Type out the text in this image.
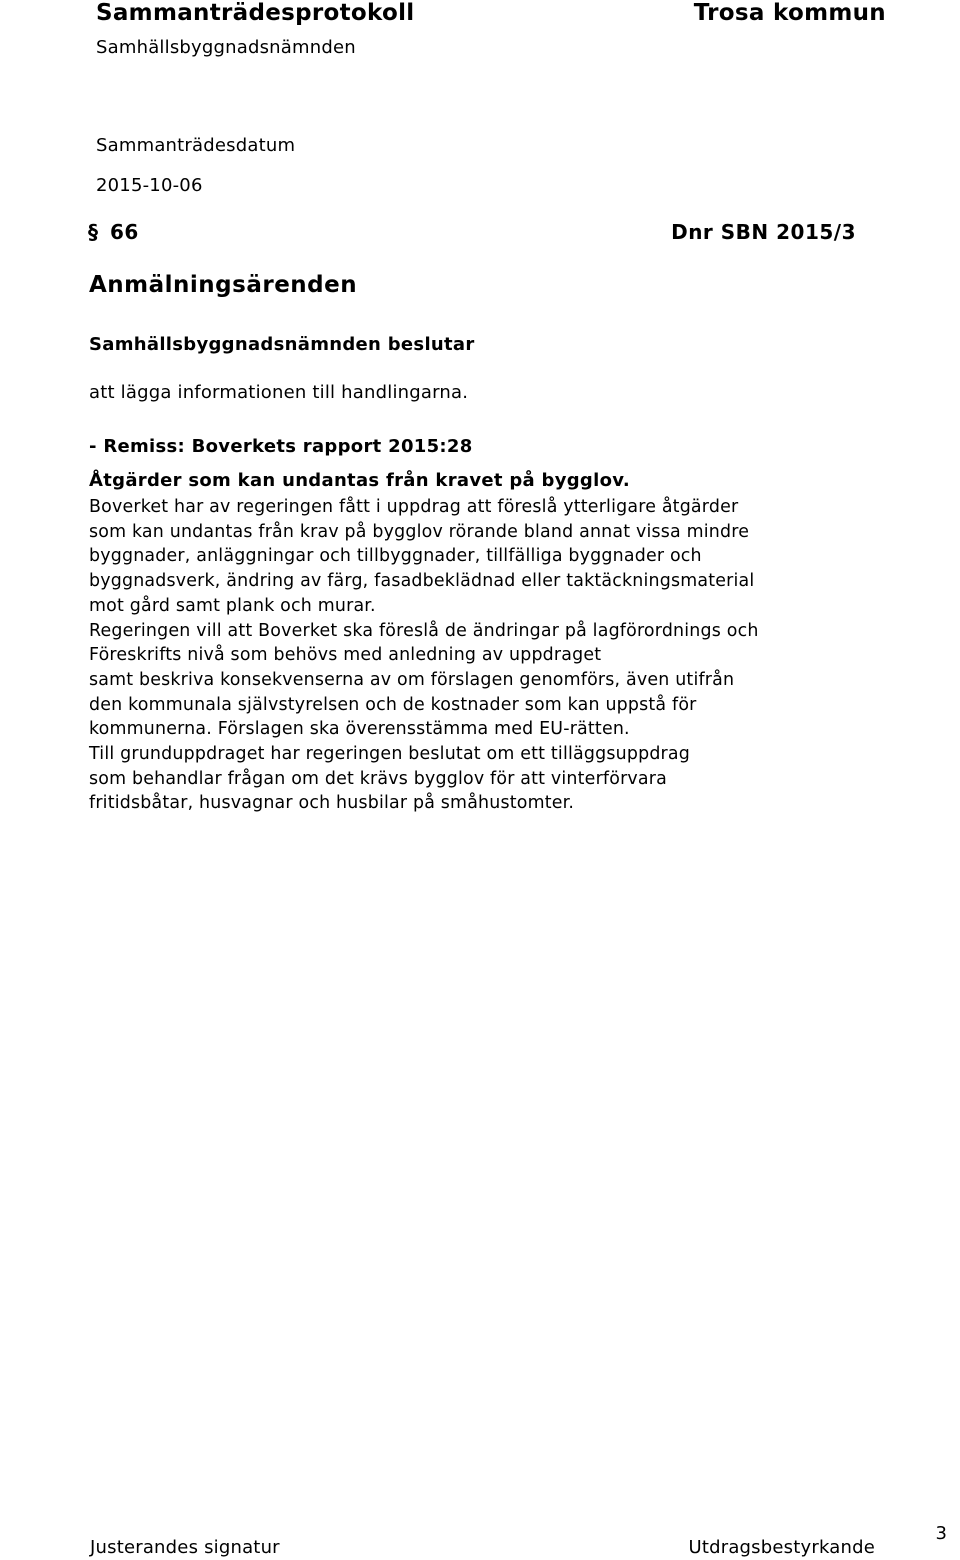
Sammanträdesprotokoll	Trosa kommun
Samhällsbyggnadsnämnden
Sammanträdesdatum
2015-10-06
§ 66	Dnr SBN 2015/3
Anmälningsärenden
Samhällsbyggnadsnämnden beslutar
att lägga informationen till handlingarna.
- Remiss: Boverkets rapport 2015:28
Åtgärder som kan undantas från kravet på bygglov.
Boverket har av regeringen fått i uppdrag att föreslå ytterligare åtgärder
som kan undantas från krav på bygglov rörande bland annat vissa mindre
byggnader, anläggningar och tillbyggnader, tillfälliga byggnader och
byggnadsverk, ändring av färg, fasadbeklädnad eller taktäckningsmaterial
mot gård samt plank och murar.
Regeringen vill att Boverket ska föreslå de ändringar på lagförordnings och
Föreskrifts nivå som behövs med anledning av uppdraget
samt beskriva konsekvenserna av om förslagen genomförs, även utifrån
den kommunala självstyrelsen och de kostnader som kan uppstå för
kommunerna. Förslagen ska överensstämma med EU-rätten.
Till grunduppdraget har regeringen beslutat om ett tilläggsuppdrag
som behandlar frågan om det krävs bygglov för att vinterförvara
fritidsbåtar, husvagnar och husbilar på småhustomter.
Justerandes signatur	Utdragsbestyrkande
3
